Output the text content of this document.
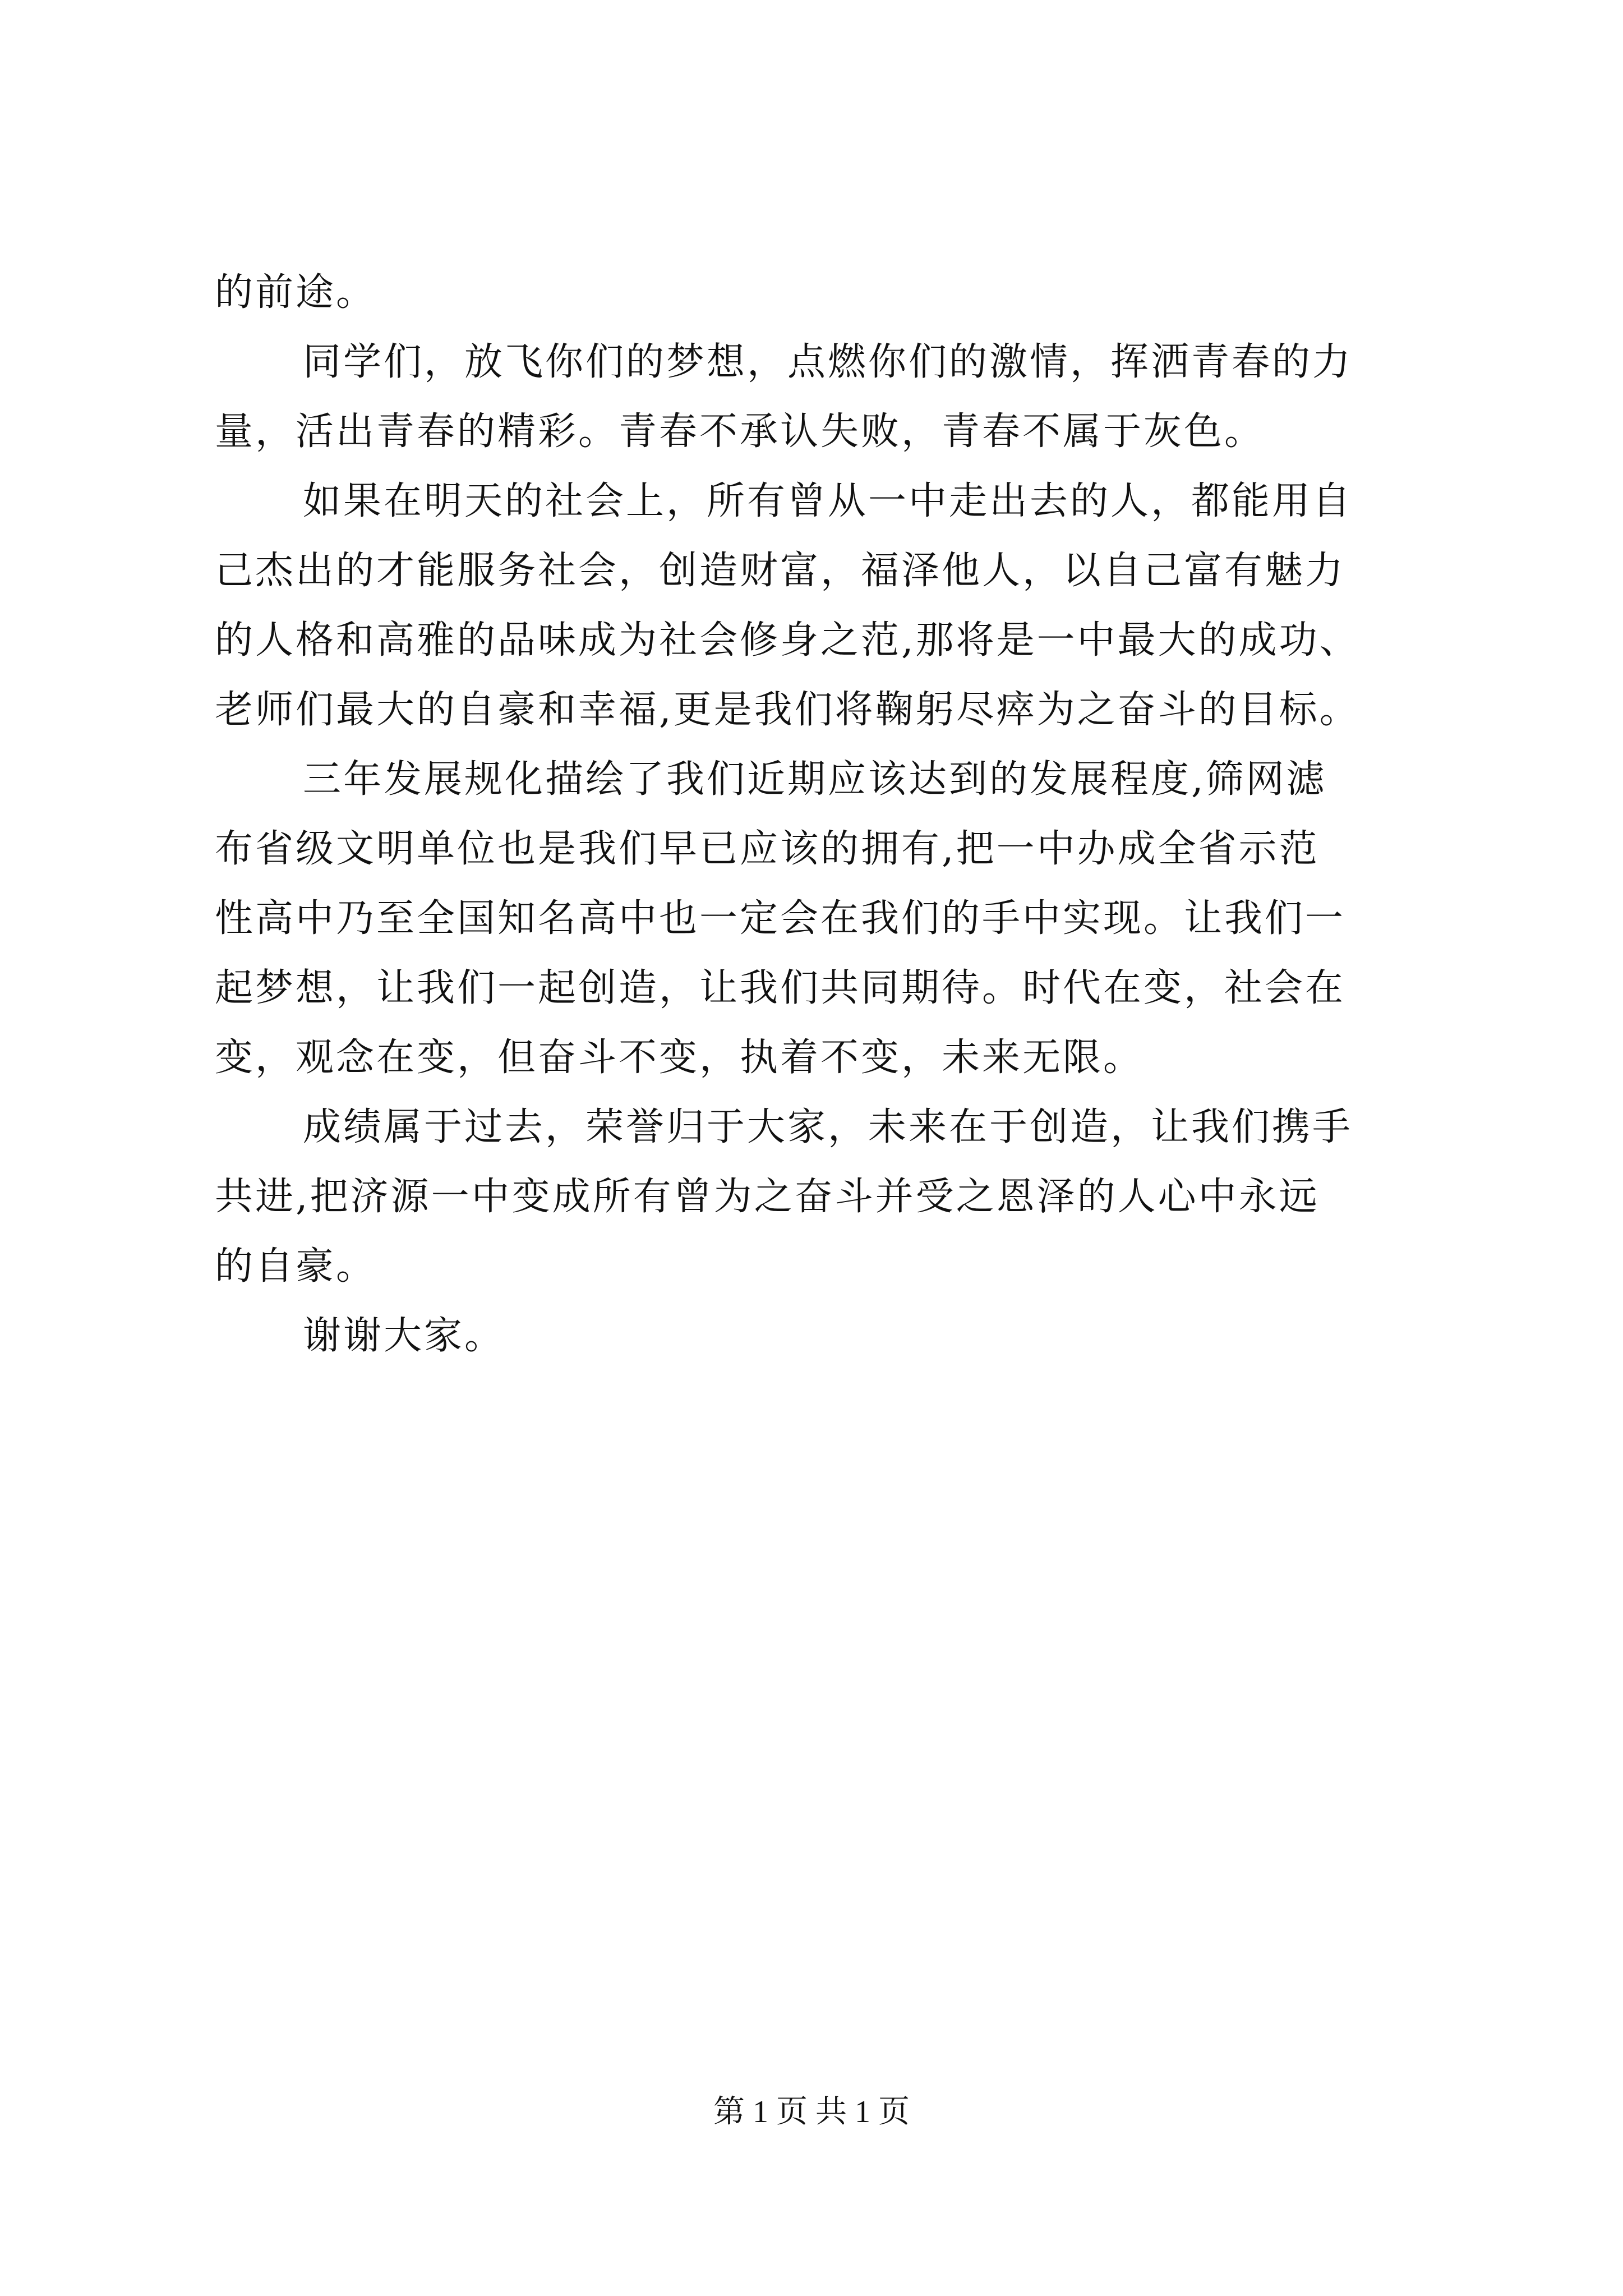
的前途。
同学们，放飞你们的梦想，点燃你们的激情，挥洒青春的力
量，活出青春的精彩。青春不承认失败，青春不属于灰色。
如果在明天的社会上，所有曾从一中走出去的人，都能用自
己杰出的才能服务社会，创造财富，福泽他人，以自己富有魅力
的人格和高雅的品味成为社会修身之范,那将是一中最大的成功、
老师们最大的自豪和幸福,更是我们将鞠躬尽瘁为之奋斗的目标。
三年发展规化描绘了我们近期应该达到的发展程度,筛网滤
布省级文明单位也是我们早已应该的拥有,把一中办成全省示范
性高中乃至全国知名高中也一定会在我们的手中实现。让我们一
起梦想，让我们一起创造，让我们共同期待。时代在变，社会在
变，观念在变，但奋斗不变，执着不变，未来无限。
成绩属于过去，荣誉归于大家，未来在于创造，让我们携手
共进,把济源一中变成所有曾为之奋斗并受之恩泽的人心中永远
的自豪。
谢谢大家。
第 1 页 共 1 页
